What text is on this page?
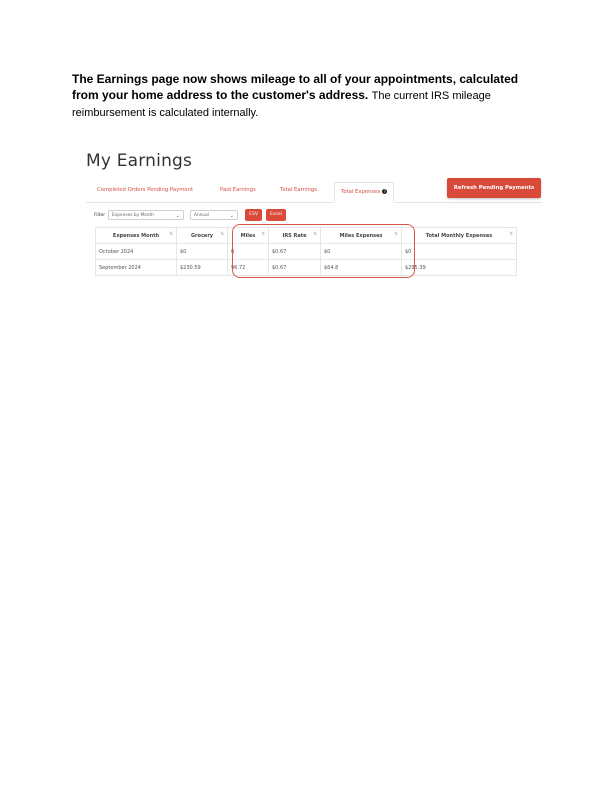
The Earnings page now shows mileage to all of your appointments, calculated from your home address to the customer's address. The current IRS mileage reimbursement is calculated internally.
My Earnings
Completed Orders Pending Payment	Paid Earnings	Total Earnings	Total Expenses ?
Refresh Pending Payments
Filter	Expenses by Month	⌄	Annual	⌄	CSV	Excel
Expenses Month ⇅	Grocery ⇅	Miles ⇅	IRS Rate ⇅	Miles Expenses ⇅	Total Monthly Expenses ⇅

October 2024	$0	0	$0.67	$0	$0
September 2024	$230.59	96.72	$0.67	$64.8	$295.39
